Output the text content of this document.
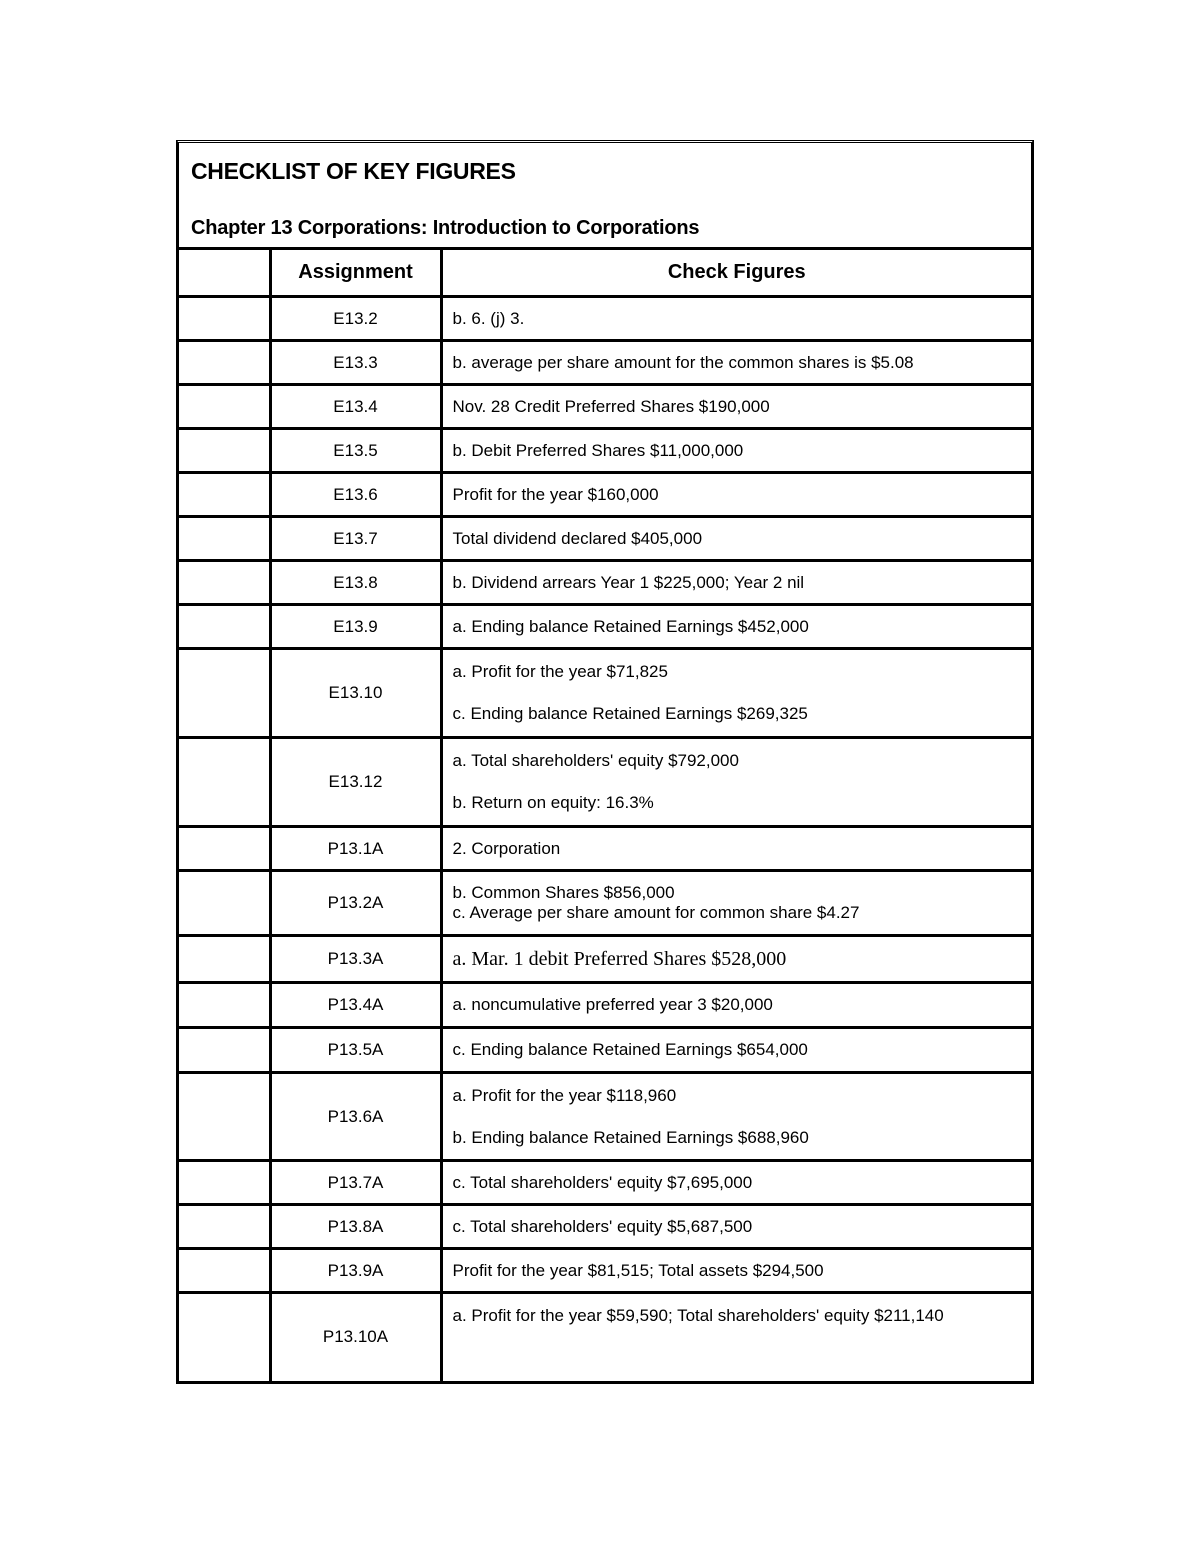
CHECKLIST OF KEY FIGURES
Chapter 13 Corporations: Introduction to Corporations
	Assignment	Check Figures
	E13.2	b. 6. (j) 3.

	E13.3	b. average per share amount for the common shares is $5.08

	E13.4	Nov. 28 Credit Preferred Shares $190,000

	E13.5	b. Debit Preferred Shares $11,000,000

	E13.6	Profit for the year $160,000

	E13.7	Total dividend declared $405,000

	E13.8	b. Dividend arrears Year 1 $225,000; Year 2 nil

	E13.9	a. Ending balance Retained Earnings $452,000

	E13.10	a. Profit for the year $71,825
c. Ending balance Retained Earnings $269,325

	E13.12	a. Total shareholders' equity $792,000
b. Return on equity: 16.3%

	P13.1A	2. Corporation

	P13.2A	b. Common Shares $856,000
c. Average per share amount for common share $4.27

	P13.3A	a. Mar. 1 debit Preferred Shares $528,000

	P13.4A	a. noncumulative preferred year 3 $20,000

	P13.5A	c. Ending balance Retained Earnings $654,000

	P13.6A	a. Profit for the year $118,960
b. Ending balance Retained Earnings $688,960

	P13.7A	c. Total shareholders' equity $7,695,000

	P13.8A	c. Total shareholders' equity $5,687,500

	P13.9A	Profit for the year $81,515; Total assets $294,500

	P13.10A	a. Profit for the year $59,590; Total shareholders' equity $211,140
